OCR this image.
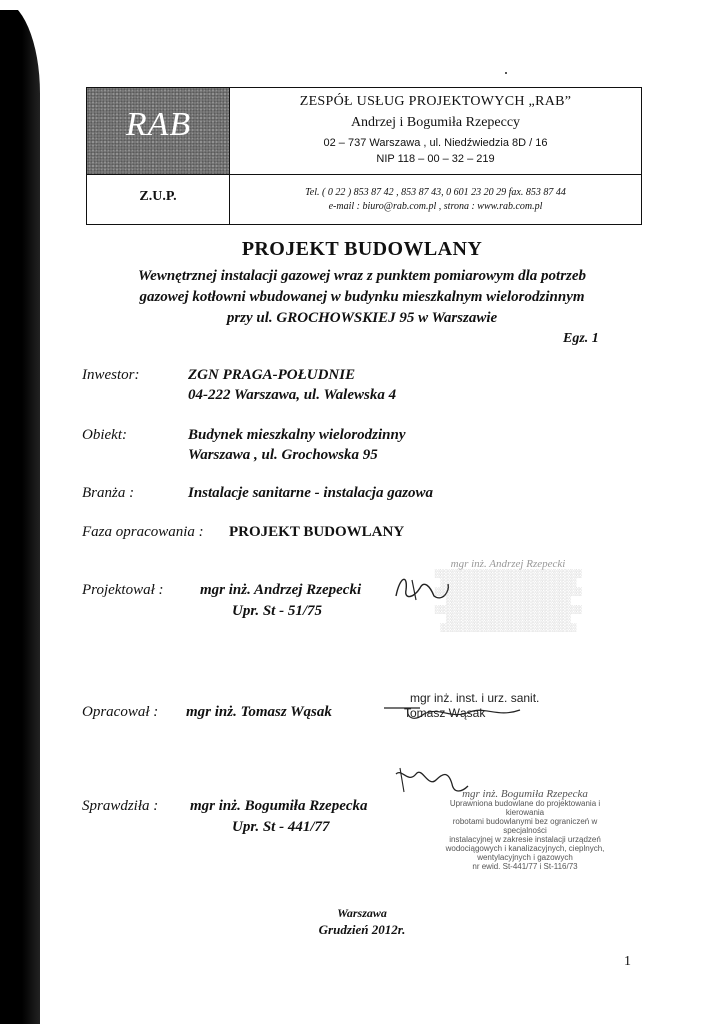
RAB
ZESPÓŁ USŁUG PROJEKTOWYCH „RAB”
Andrzej i Bogumiła Rzepeccy
02 – 737 Warszawa , ul. Niedźwiedzia 8D / 16
NIP 118 – 00 – 32 – 219
Z.U.P.	Tel. ( 0 22 ) 853 87 42 , 853 87 43, 0 601 23 20 29 fax. 853 87 44
e-mail : biuro@rab.com.pl , strona : www.rab.com.pl
PROJEKT BUDOWLANY
Wewnętrznej instalacji gazowej wraz z punktem pomiarowym dla potrzeb
gazowej kotłowni wbudowanej w budynku mieszkalnym wielorodzinnym
przy ul. GROCHOWSKIEJ 95 w Warszawie
Egz. 1
Inwestor:	ZGN PRAGA-POŁUDNIE
04-222 Warszawa, ul. Walewska 4
Obiekt:	Budynek mieszkalny wielorodzinny
Warszawa , ul. Grochowska 95
Branża :	Instalacje sanitarne - instalacja gazowa
Faza opracowania : PROJEKT BUDOWLANY
Projektował : mgr inż. Andrzej Rzepecki
Upr. St - 51/75
mgr inż. Andrzej Rzepecki
░░░░░░░░░░░░░░░░░░░░░░░░░░
░░░░░░░░░░░░░░░░░░░░░░░░
░░░░░░░░░░░░░░░░░░░░░░░░░░
░░░░░░░░░░░░░░░░░░░░░░
░░░░░░░░░░░░░░░░░░░░░░░░░░
░░░░░░░░░░░░░░░░░░░░░░
░░░░░░░░░░░░░░░░░░░░░░░░
Opracował : mgr inż. Tomasz Wąsak
mgr inż. inst. i urz. sanit.
Tomasz Wąsak
Sprawdziła : mgr inż. Bogumiła Rzepecka
Upr. St - 441/77
mgr inż. Bogumiła Rzepecka
Uprawniona budowlane do projektowania i kierowania
robotami budowlanymi bez ograniczeń w specjalności
instalacyjnej w zakresie instalacji urządzeń
wodociągowych i kanalizacyjnych, cieplnych,
wentylacyjnych i gazowych
nr ewid. St-441/77 i St-116/73
Warszawa
Grudzień 2012r.
1
